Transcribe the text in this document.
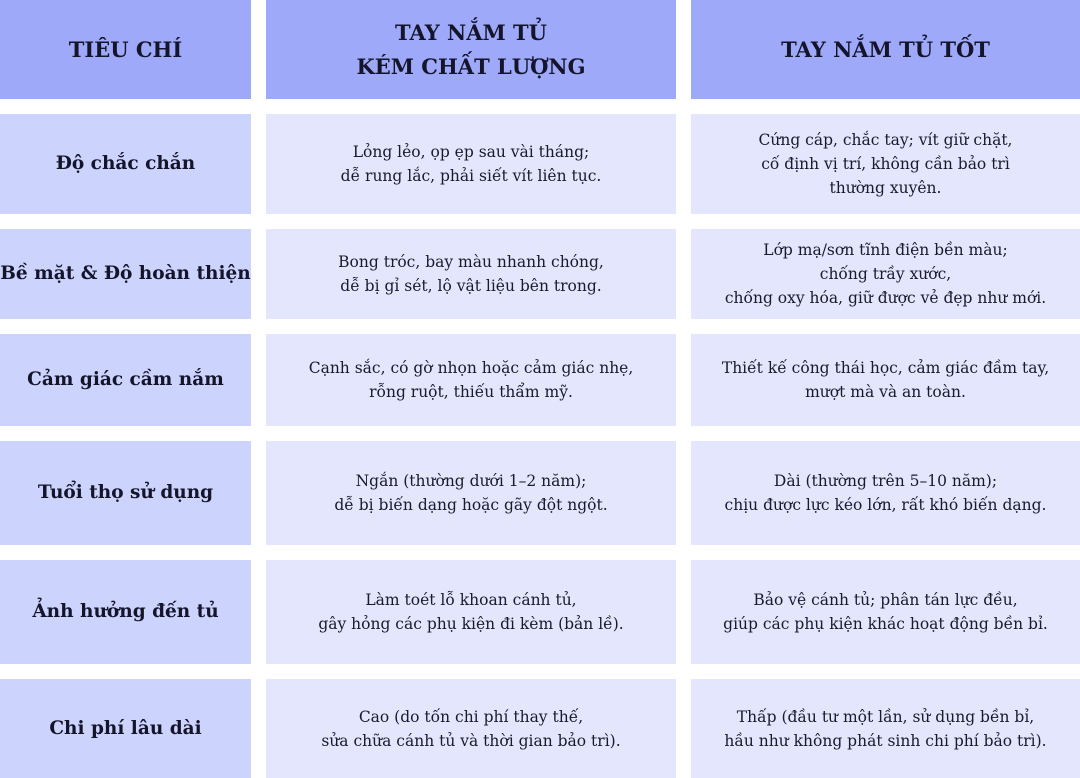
TIÊU CHÍ
TAY NẮM TỦ
KÉM CHẤT LƯỢNG
TAY NẮM TỦ TỐT
Độ chắc chắn
Lỏng lẻo, ọp ẹp sau vài tháng;
dễ rung lắc, phải siết vít liên tục.
Cứng cáp, chắc tay; vít giữ chặt,
cố định vị trí, không cần bảo trì
thường xuyên.
Bề mặt & Độ hoàn thiện
Bong tróc, bay màu nhanh chóng,
dễ bị gỉ sét, lộ vật liệu bên trong.
Lớp mạ/sơn tĩnh điện bền màu;
chống trầy xước,
chống oxy hóa, giữ được vẻ đẹp như mới.
Cảm giác cầm nắm
Cạnh sắc, có gờ nhọn hoặc cảm giác nhẹ,
rỗng ruột, thiếu thẩm mỹ.
Thiết kế công thái học, cảm giác đầm tay,
mượt mà và an toàn.
Tuổi thọ sử dụng
Ngắn (thường dưới 1–2 năm);
dễ bị biến dạng hoặc gãy đột ngột.
Dài (thường trên 5–10 năm);
chịu được lực kéo lớn, rất khó biến dạng.
Ảnh hưởng đến tủ
Làm toét lỗ khoan cánh tủ,
gây hỏng các phụ kiện đi kèm (bản lề).
Bảo vệ cánh tủ; phân tán lực đều,
giúp các phụ kiện khác hoạt động bền bỉ.
Chi phí lâu dài
Cao (do tốn chi phí thay thế,
sửa chữa cánh tủ và thời gian bảo trì).
Thấp (đầu tư một lần, sử dụng bền bỉ,
hầu như không phát sinh chi phí bảo trì).
